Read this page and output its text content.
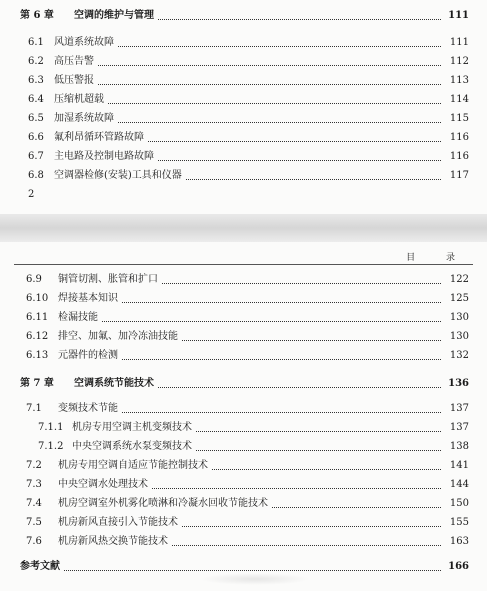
第 6 章	空调的维护与管理	111
6.1	风道系统故障	111
6.2	高压告警	112
6.3	低压警报	113
6.4	压缩机超载	114
6.5	加湿系统故障	115
6.6	氟利昂循环管路故障	116
6.7	主电路及控制电路故障	116
6.8	空调器检修(安装)工具和仪器	117
2
目 录
6.9	铜管切割、胀管和扩口	122
6.10 焊接基本知识	125
6.11 检漏技能	130
6.12 排空、加氟、加冷冻油技能	130
6.13 元器件的检测	132
第 7 章	空调系统节能技术	136
7.1	变频技术节能	137
7.1.1 机房专用空调主机变频技术	137
7.1.2 中央空调系统水泵变频技术	138
7.2	机房专用空调自适应节能控制技术	141
7.3	中央空调水处理技术	144
7.4	机房空调室外机雾化喷淋和冷凝水回收节能技术	150
7.5	机房新风直接引入节能技术	155
7.6	机房新风热交换节能技术	163
参考文献	166
